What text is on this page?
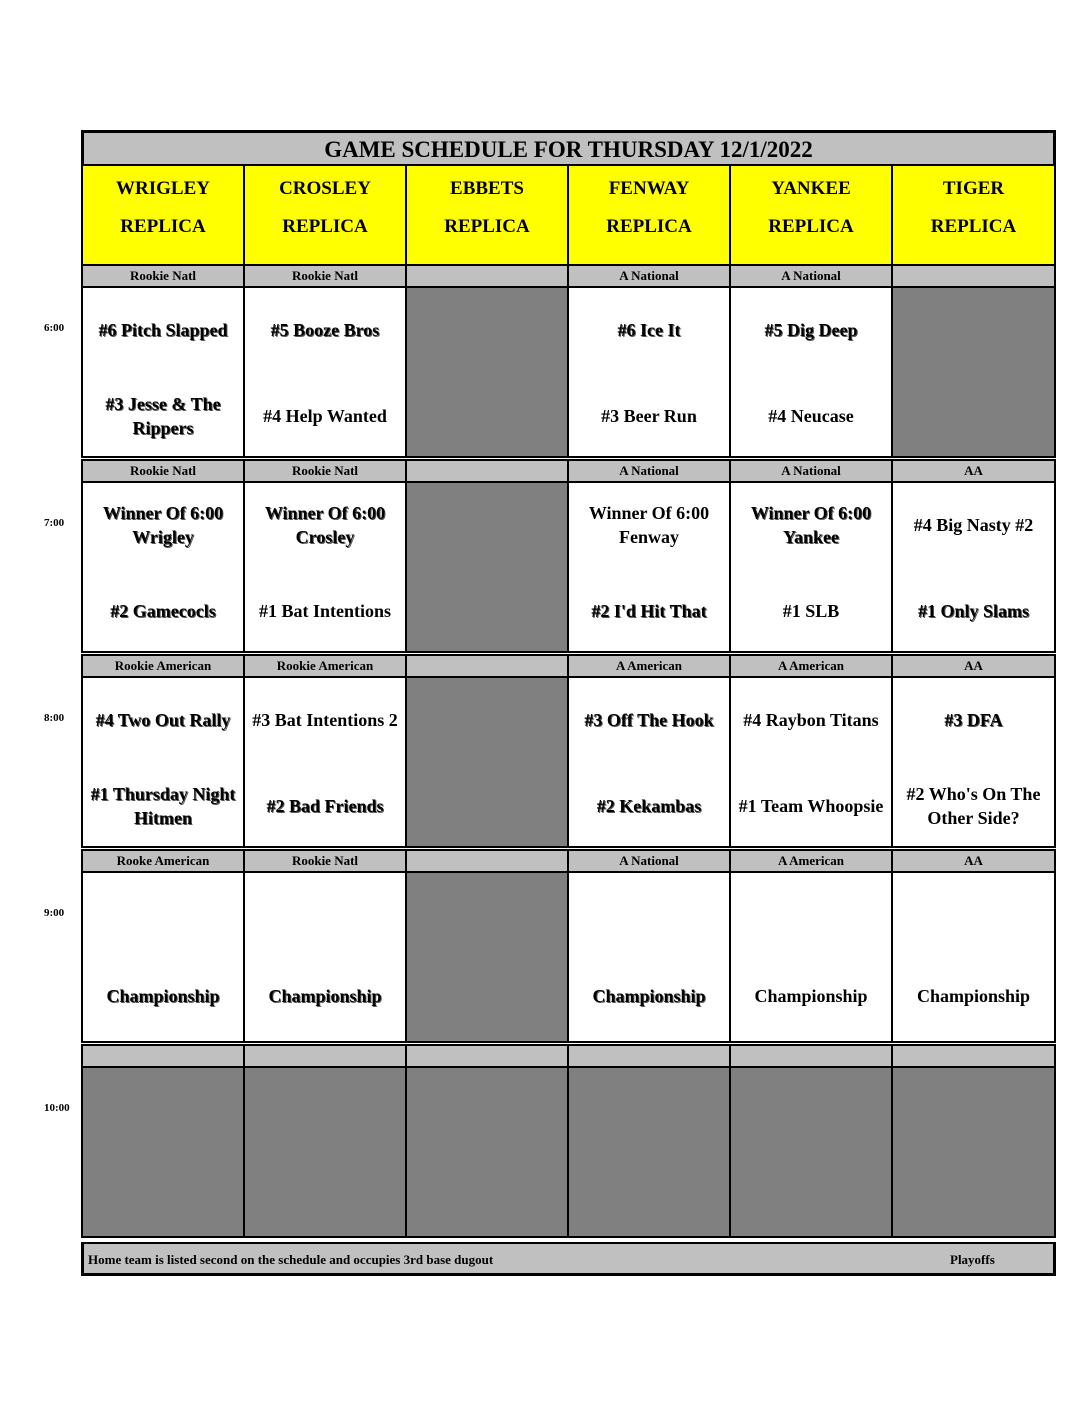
GAME SCHEDULE FOR THURSDAY 12/1/2022
WRIGLEY
REPLICA
CROSLEY
REPLICA
EBBETS
REPLICA
FENWAY
REPLICA
YANKEE
REPLICA
TIGER
REPLICA
Rookie Natl
#6 Pitch Slapped
#3 Jesse & The Rippers
Rookie Natl
#5 Booze Bros
#4 Help Wanted
A National
#6 Ice It
#3 Beer Run
A National
#5 Dig Deep
#4 Neucase
Rookie Natl
Winner Of 6:00 Wrigley
#2 Gamecocls
Rookie Natl
Winner Of 6:00 Crosley
#1 Bat Intentions
A National
Winner Of 6:00 Fenway
#2 I'd Hit That
A National
Winner Of 6:00 Yankee
#1 SLB
AA
#4 Big Nasty #2
#1 Only Slams
Rookie American
#4 Two Out Rally
#1 Thursday Night Hitmen
Rookie American
#3 Bat Intentions 2
#2 Bad Friends
A American
#3 Off The Hook
#2 Kekambas
A American
#4 Raybon Titans
#1 Team Whoopsie
AA
#3 DFA
#2 Who's On The Other Side?
Rooke American
Championship
Rookie Natl
Championship
A National
Championship
A American
Championship
AA
Championship
Home team is listed second on the schedule and occupies 3rd base dugout	Playoffs
6:00
7:00
8:00
9:00
10:00
